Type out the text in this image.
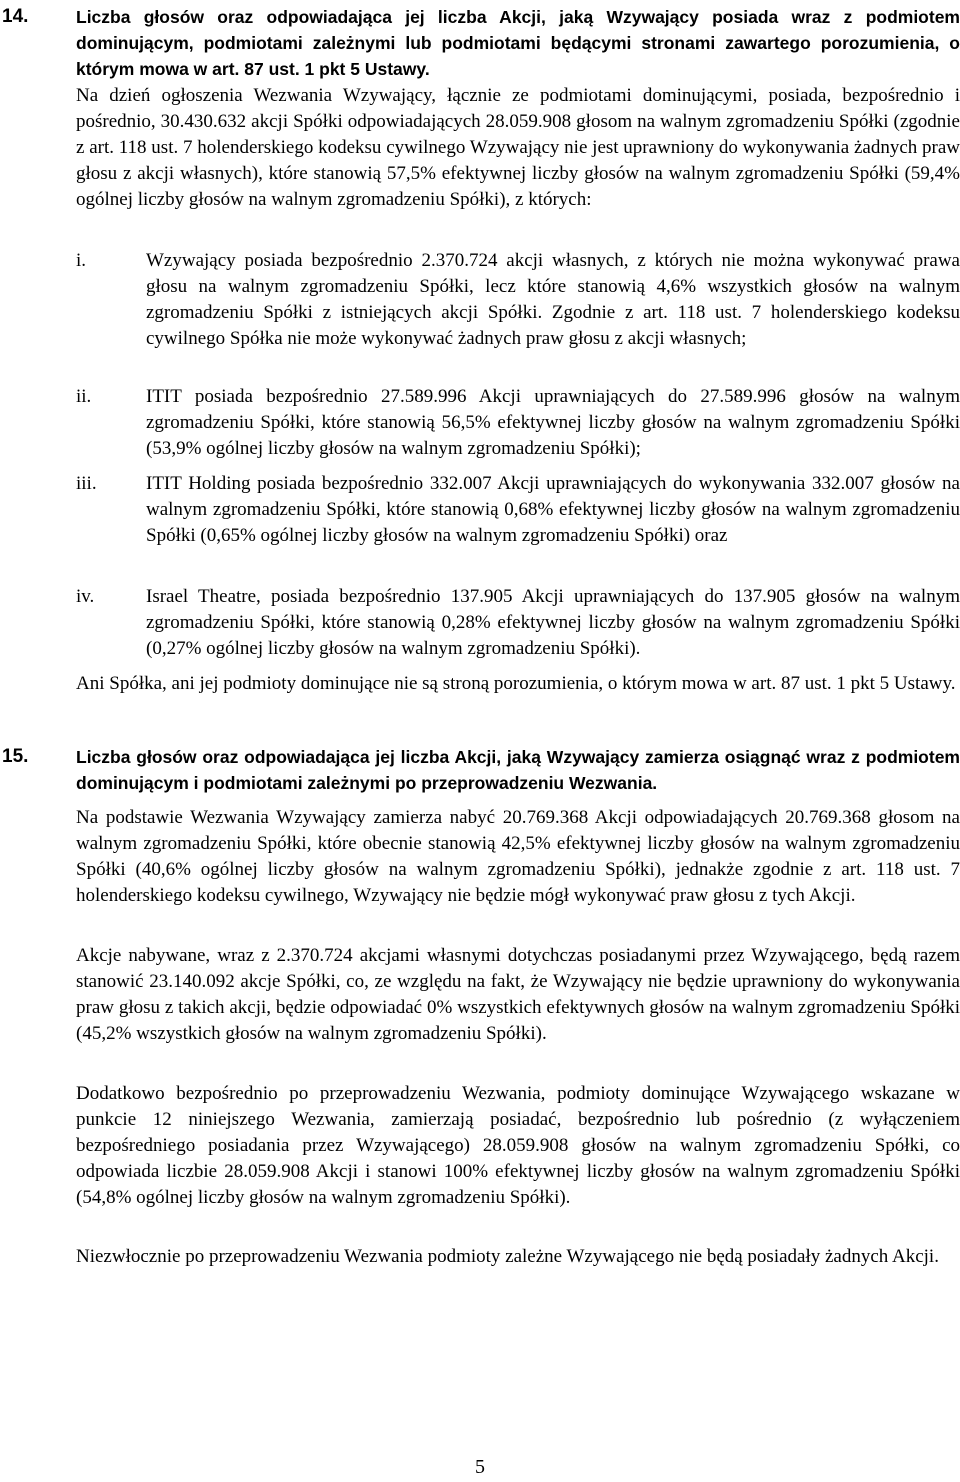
14.	Liczba głosów oraz odpowiadająca jej liczba Akcji, jaką Wzywający posiada wraz z podmiotem dominującym, podmiotami zależnymi lub podmiotami będącymi stronami zawartego porozumienia, o którym mowa w art. 87 ust. 1 pkt 5 Ustawy.

Na dzień ogłoszenia Wezwania Wzywający, łącznie ze podmiotami dominującymi, posiada, bezpośrednio i pośrednio, 30.430.632 akcji Spółki odpowiadających 28.059.908 głosom na walnym zgromadzeniu Spółki (zgodnie z art. 118 ust. 7 holenderskiego kodeksu cywilnego Wzywający nie jest uprawniony do wykonywania żadnych praw głosu z akcji własnych), które stanowią 57,5% efektywnej liczby głosów na walnym zgromadzeniu Spółki (59,4% ogólnej liczby głosów na walnym zgromadzeniu Spółki), z których:

i.	Wzywający posiada bezpośrednio 2.370.724 akcji własnych, z których nie można wykonywać prawa głosu na walnym zgromadzeniu Spółki, lecz które stanowią 4,6% wszystkich głosów na walnym zgromadzeniu Spółki z istniejących akcji Spółki. Zgodnie z art. 118 ust. 7 holenderskiego kodeksu cywilnego Spółka nie może wykonywać żadnych praw głosu z akcji własnych;
ii.	ITIT posiada bezpośrednio 27.589.996 Akcji uprawniających do 27.589.996 głosów na walnym zgromadzeniu Spółki, które stanowią 56,5% efektywnej liczby głosów na walnym zgromadzeniu Spółki (53,9% ogólnej liczby głosów na walnym zgromadzeniu Spółki);
iii.	ITIT Holding posiada bezpośrednio 332.007 Akcji uprawniających do wykonywania 332.007 głosów na walnym zgromadzeniu Spółki, które stanowią 0,68% efektywnej liczby głosów na walnym zgromadzeniu Spółki (0,65% ogólnej liczby głosów na walnym zgromadzeniu Spółki) oraz
iv.	Israel Theatre, posiada bezpośrednio 137.905 Akcji uprawniających do 137.905 głosów na walnym zgromadzeniu Spółki, które stanowią 0,28% efektywnej liczby głosów na walnym zgromadzeniu Spółki (0,27% ogólnej liczby głosów na walnym zgromadzeniu Spółki).

Ani Spółka, ani jej podmioty dominujące nie są stroną porozumienia, o którym mowa w art. 87 ust. 1 pkt 5 Ustawy.

15.	Liczba głosów oraz odpowiadająca jej liczba Akcji, jaką Wzywający zamierza osiągnąć wraz z podmiotem dominującym i podmiotami zależnymi po przeprowadzeniu Wezwania.

Na podstawie Wezwania Wzywający zamierza nabyć 20.769.368 Akcji odpowiadających 20.769.368 głosom na walnym zgromadzeniu Spółki, które obecnie stanowią 42,5% efektywnej liczby głosów na walnym zgromadzeniu Spółki (40,6% ogólnej liczby głosów na walnym zgromadzeniu Spółki), jednakże zgodnie z art. 118 ust. 7 holenderskiego kodeksu cywilnego, Wzywający nie będzie mógł wykonywać praw głosu z tych Akcji.

Akcje nabywane, wraz z 2.370.724 akcjami własnymi dotychczas posiadanymi przez Wzywającego, będą razem stanowić 23.140.092 akcje Spółki, co, ze względu na fakt, że Wzywający nie będzie uprawniony do wykonywania praw głosu z takich akcji, będzie odpowiadać 0% wszystkich efektywnych głosów na walnym zgromadzeniu Spółki (45,2% wszystkich głosów na walnym zgromadzeniu Spółki).

Dodatkowo bezpośrednio po przeprowadzeniu Wezwania, podmioty dominujące Wzywającego wskazane w punkcie 12 niniejszego Wezwania, zamierzają posiadać, bezpośrednio lub pośrednio (z wyłączeniem bezpośredniego posiadania przez Wzywającego) 28.059.908 głosów na walnym zgromadzeniu Spółki, co odpowiada liczbie 28.059.908 Akcji i stanowi 100% efektywnej liczby głosów na walnym zgromadzeniu Spółki (54,8% ogólnej liczby głosów na walnym zgromadzeniu Spółki).

Niezwłocznie po przeprowadzeniu Wezwania podmioty zależne Wzywającego nie będą posiadały żadnych Akcji.

5
